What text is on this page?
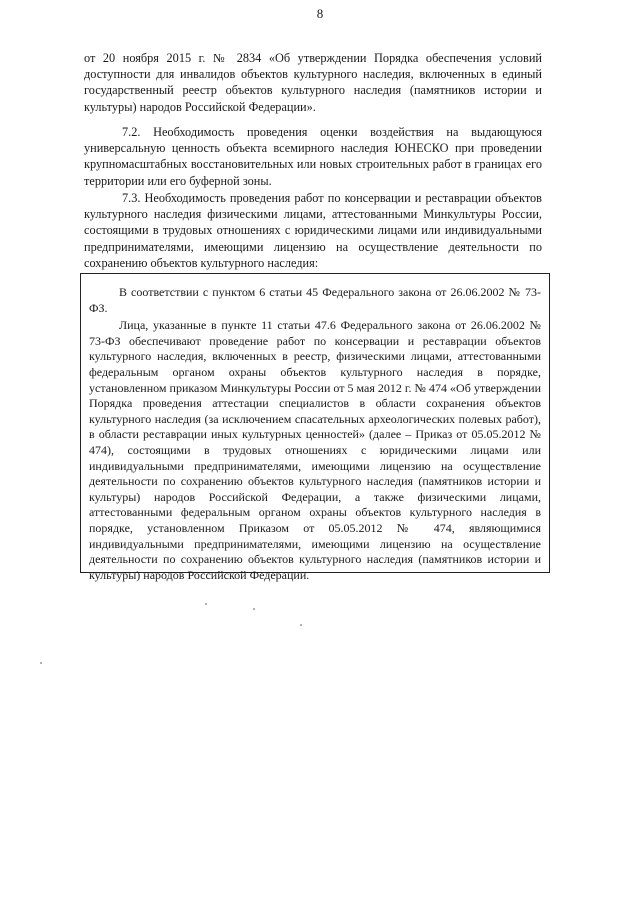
8

от 20 ноября 2015 г. № 2834 «Об утверждении Порядка обеспечения условий доступности для инвалидов объектов культурного наследия, включенных в единый государственный реестр объектов культурного наследия (памятников истории и культуры) народов Российской Федерации».

7.2. Необходимость проведения оценки воздействия на выдающуюся универсальную ценность объекта всемирного наследия ЮНЕСКО при проведении крупномасштабных восстановительных или новых строительных работ в границах его территории или его буферной зоны.

7.3. Необходимость проведения работ по консервации и реставрации объектов культурного наследия физическими лицами, аттестованными Минкультуры России, состоящими в трудовых отношениях с юридическими лицами или индивидуальными предпринимателями, имеющими лицензию на осуществление деятельности по сохранению объектов культурного наследия:

В соответствии с пунктом 6 статьи 45 Федерального закона от 26.06.2002 № 73-ФЗ.

Лица, указанные в пункте 11 статьи 47.6 Федерального закона от 26.06.2002 № 73-ФЗ обеспечивают проведение работ по консервации и реставрации объектов культурного наследия, включенных в реестр, физическими лицами, аттестованными федеральным органом охраны объектов культурного наследия в порядке, установленном приказом Минкультуры России от 5 мая 2012 г. № 474 «Об утверждении Порядка проведения аттестации специалистов в области сохранения объектов культурного наследия (за исключением спасательных археологических полевых работ), в области реставрации иных культурных ценностей» (далее – Приказ от 05.05.2012 № 474), состоящими в трудовых отношениях с юридическими лицами или индивидуальными предпринимателями, имеющими лицензию на осуществление деятельности по сохранению объектов культурного наследия (памятников истории и культуры) народов Российской Федерации, а также физическими лицами, аттестованными федеральным органом охраны объектов культурного наследия в порядке, установленном Приказом от 05.05.2012 № 474, являющимися индивидуальными предпринимателями, имеющими лицензию на осуществление деятельности по сохранению объектов культурного наследия (памятников истории и культуры) народов Российской Федерации.
